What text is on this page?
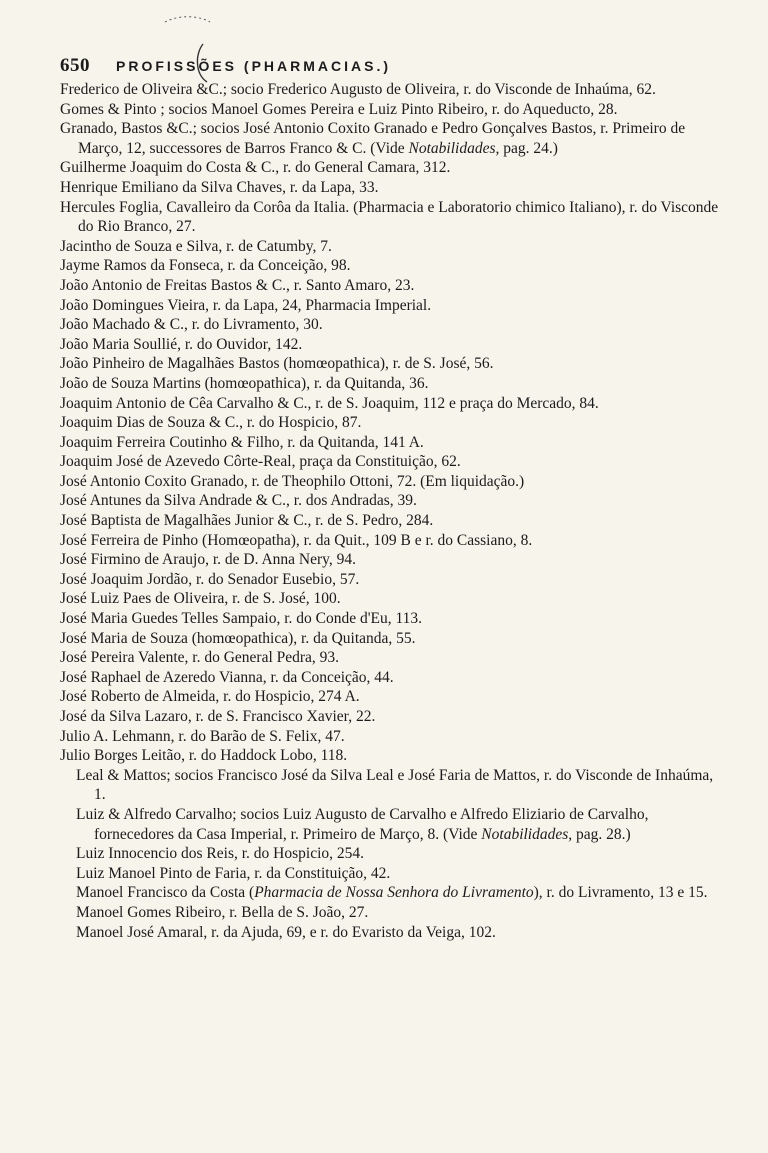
650 PROFISSÕES (PHARMACIAS.)
Frederico de Oliveira &C.; socio Frederico Augusto de Oliveira, r. do Visconde de Inhaúma, 62.
Gomes & Pinto ; socios Manoel Gomes Pereira e Luiz Pinto Ribeiro, r. do Aqueducto, 28.
Granado, Bastos &C.; socios José Antonio Coxito Granado e Pedro Gonçalves Bastos, r. Primeiro de Março, 12, successores de Barros Franco & C. (Vide Notabilidades, pag. 24.)
Guilherme Joaquim do Costa & C., r. do General Camara, 312.
Henrique Emiliano da Silva Chaves, r. da Lapa, 33.
Hercules Foglia, Cavalleiro da Corôa da Italia. (Pharmacia e Laboratorio chimico Italiano), r. do Visconde do Rio Branco, 27.
Jacintho de Souza e Silva, r. de Catumby, 7.
Jayme Ramos da Fonseca, r. da Conceição, 98.
João Antonio de Freitas Bastos & C., r. Santo Amaro, 23.
João Domingues Vieira, r. da Lapa, 24, Pharmacia Imperial.
João Machado & C., r. do Livramento, 30.
João Maria Soullié, r. do Ouvidor, 142.
João Pinheiro de Magalhães Bastos (homœopathica), r. de S. José, 56.
João de Souza Martins (homœopathica), r. da Quitanda, 36.
Joaquim Antonio de Cêa Carvalho & C., r. de S. Joaquim, 112 e praça do Mercado, 84.
Joaquim Dias de Souza & C., r. do Hospicio, 87.
Joaquim Ferreira Coutinho & Filho, r. da Quitanda, 141 A.
Joaquim José de Azevedo Côrte-Real, praça da Constituição, 62.
José Antonio Coxito Granado, r. de Theophilo Ottoni, 72. (Em liquidação.)
José Antunes da Silva Andrade & C., r. dos Andradas, 39.
José Baptista de Magalhães Junior & C., r. de S. Pedro, 284.
José Ferreira de Pinho (Homœopatha), r. da Quit., 109 B e r. do Cassiano, 8.
José Firmino de Araujo, r. de D. Anna Nery, 94.
José Joaquim Jordão, r. do Senador Eusebio, 57.
José Luiz Paes de Oliveira, r. de S. José, 100.
José Maria Guedes Telles Sampaio, r. do Conde d'Eu, 113.
José Maria de Souza (homœopathica), r. da Quitanda, 55.
José Pereira Valente, r. do General Pedra, 93.
José Raphael de Azeredo Vianna, r. da Conceição, 44.
José Roberto de Almeida, r. do Hospicio, 274 A.
José da Silva Lazaro, r. de S. Francisco Xavier, 22.
Julio A. Lehmann, r. do Barão de S. Felix, 47.
Julio Borges Leitão, r. do Haddock Lobo, 118.
Leal & Mattos; socios Francisco José da Silva Leal e José Faria de Mattos, r. do Visconde de Inhaúma, 1.
Luiz & Alfredo Carvalho; socios Luiz Augusto de Carvalho e Alfredo Eliziario de Carvalho, fornecedores da Casa Imperial, r. Primeiro de Março, 8. (Vide Notabilidades, pag. 28.)
Luiz Innocencio dos Reis, r. do Hospicio, 254.
Luiz Manoel Pinto de Faria, r. da Constituição, 42.
Manoel Francisco da Costa (Pharmacia de Nossa Senhora do Livramento), r. do Livramento, 13 e 15.
Manoel Gomes Ribeiro, r. Bella de S. João, 27.
Manoel José Amaral, r. da Ajuda, 69, e r. do Evaristo da Veiga, 102.
